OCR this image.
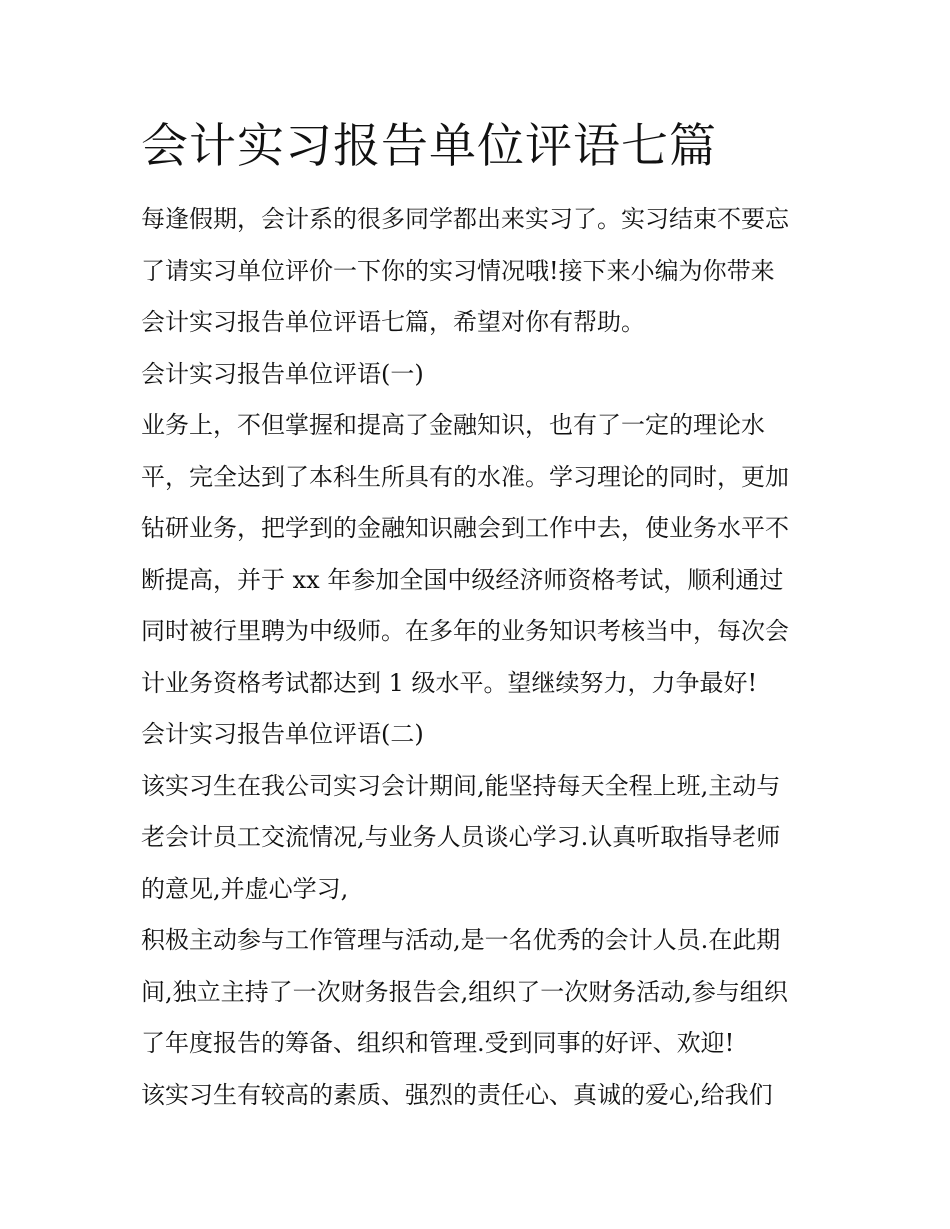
会计实习报告单位评语七篇
每逢假期，会计系的很多同学都出来实习了。实习结束不要忘
了请实习单位评价一下你的实习情况哦!接下来小编为你带来
会计实习报告单位评语七篇，希望对你有帮助。
会计实习报告单位评语(一)
业务上，不但掌握和提高了金融知识，也有了一定的理论水
平，完全达到了本科生所具有的水准。学习理论的同时，更加
钻研业务，把学到的金融知识融会到工作中去，使业务水平不
断提高，并于 xx 年参加全国中级经济师资格考试，顺利通过
同时被行里聘为中级师。在多年的业务知识考核当中，每次会
计业务资格考试都达到 1 级水平。望继续努力，力争最好!
会计实习报告单位评语(二)
该实习生在我公司实习会计期间,能坚持每天全程上班,主动与
老会计员工交流情况,与业务人员谈心学习.认真听取指导老师
的意见,并虚心学习,
积极主动参与工作管理与活动,是一名优秀的会计人员.在此期
间,独立主持了一次财务报告会,组织了一次财务活动,参与组织
了年度报告的筹备、组织和管理.受到同事的好评、欢迎!
该实习生有较高的素质、强烈的责任心、真诚的爱心,给我们
